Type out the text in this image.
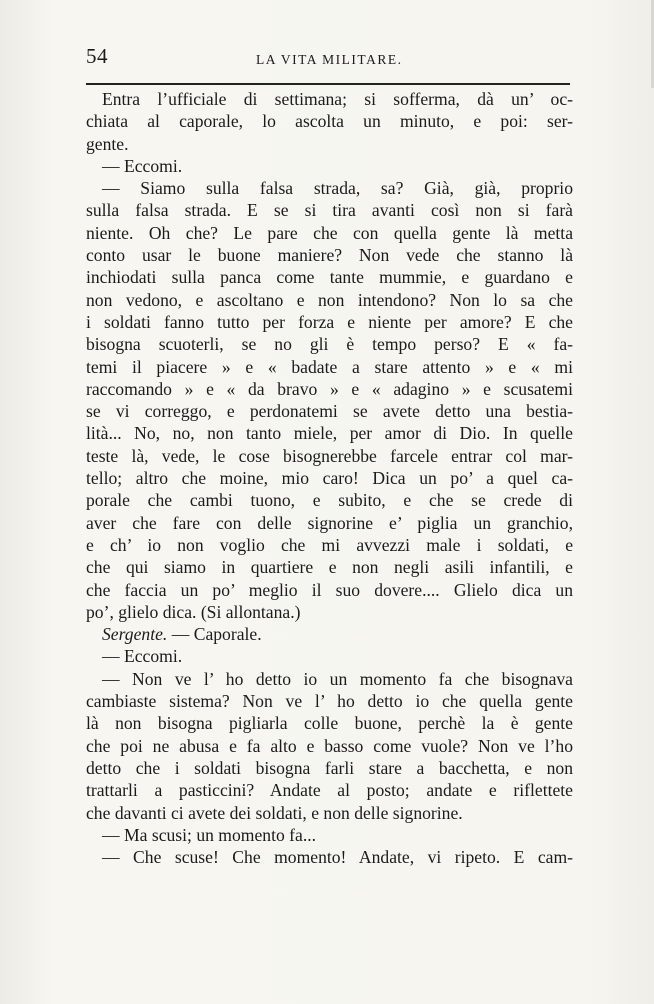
54	LA VITA MILITARE.
Entra l’ufficiale di settimana; si sofferma, dà un’ oc-
chiata al caporale, lo ascolta un minuto, e poi: ser-
gente.
— Eccomi.
— Siamo sulla falsa strada, sa? Già, già, proprio
sulla falsa strada. E se si tira avanti così non si farà
niente. Oh che? Le pare che con quella gente là metta
conto usar le buone maniere? Non vede che stanno là
inchiodati sulla panca come tante mummie, e guardano e
non vedono, e ascoltano e non intendono? Non lo sa che
i soldati fanno tutto per forza e niente per amore? E che
bisogna scuoterli, se no gli è tempo perso? E « fa-
temi il piacere » e « badate a stare attento » e « mi
raccomando » e « da bravo » e « adagino » e scusatemi
se vi correggo, e perdonatemi se avete detto una bestia-
lità... No, no, non tanto miele, per amor di Dio. In quelle
teste là, vede, le cose bisognerebbe farcele entrar col mar-
tello; altro che moine, mio caro! Dica un po’ a quel ca-
porale che cambi tuono, e subito, e che se crede di
aver che fare con delle signorine e’ piglia un granchio,
e ch’ io non voglio che mi avvezzi male i soldati, e
che qui siamo in quartiere e non negli asili infantili, e
che faccia un po’ meglio il suo dovere.... Glielo dica un
po’, glielo dica. (Si allontana.)
Sergente. — Caporale.
— Eccomi.
— Non ve l’ ho detto io un momento fa che bisognava
cambiaste sistema? Non ve l’ ho detto io che quella gente
là non bisogna pigliarla colle buone, perchè la è gente
che poi ne abusa e fa alto e basso come vuole? Non ve l’ho
detto che i soldati bisogna farli stare a bacchetta, e non
trattarli a pasticcini? Andate al posto; andate e riflettete
che davanti ci avete dei soldati, e non delle signorine.
— Ma scusi; un momento fa...
— Che scuse! Che momento! Andate, vi ripeto. E cam-
